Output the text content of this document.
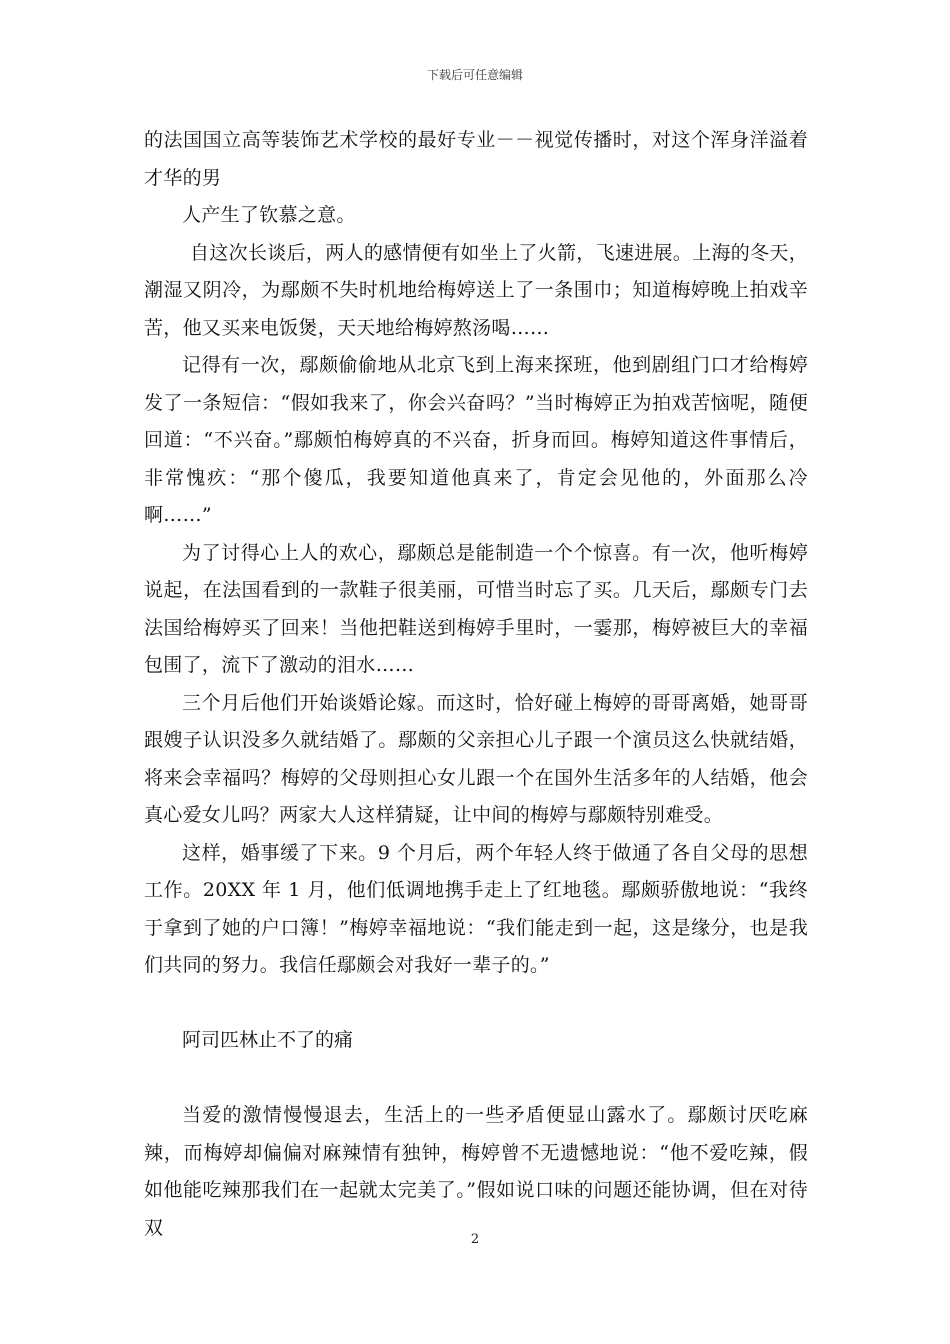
下载后可任意编辑

的法国国立高等装饰艺术学校的最好专业－－视觉传播时，对这个浑身洋溢着才华的男

人产生了钦慕之意。

自这次长谈后，两人的感情便有如坐上了火箭，飞速进展。上海的冬天，潮湿又阴冷，为鄢颇不失时机地给梅婷送上了一条围巾；知道梅婷晚上拍戏辛苦，他又买来电饭煲，天天地给梅婷熬汤喝……

记得有一次，鄢颇偷偷地从北京飞到上海来探班，他到剧组门口才给梅婷发了一条短信：“假如我来了，你会兴奋吗？”当时梅婷正为拍戏苦恼呢，随便回道：“不兴奋。”鄢颇怕梅婷真的不兴奋，折身而回。梅婷知道这件事情后，非常愧疚：“那个傻瓜，我要知道他真来了，肯定会见他的，外面那么冷啊……”

为了讨得心上人的欢心，鄢颇总是能制造一个个惊喜。有一次，他听梅婷说起，在法国看到的一款鞋子很美丽，可惜当时忘了买。几天后，鄢颇专门去法国给梅婷买了回来！当他把鞋送到梅婷手里时，一霎那，梅婷被巨大的幸福包围了，流下了激动的泪水……

三个月后他们开始谈婚论嫁。而这时，恰好碰上梅婷的哥哥离婚，她哥哥跟嫂子认识没多久就结婚了。鄢颇的父亲担心儿子跟一个演员这么快就结婚，将来会幸福吗？梅婷的父母则担心女儿跟一个在国外生活多年的人结婚，他会真心爱女儿吗？两家大人这样猜疑，让中间的梅婷与鄢颇特别难受。

这样，婚事缓了下来。9 个月后，两个年轻人终于做通了各自父母的思想工作。20XX 年 1 月，他们低调地携手走上了红地毯。鄢颇骄傲地说：“我终于拿到了她的户口簿！”梅婷幸福地说：“我们能走到一起，这是缘分，也是我们共同的努力。我信任鄢颇会对我好一辈子的。”

阿司匹林止不了的痛

当爱的激情慢慢退去，生活上的一些矛盾便显山露水了。鄢颇讨厌吃麻辣，而梅婷却偏偏对麻辣情有独钟，梅婷曾不无遗憾地说：“他不爱吃辣，假如他能吃辣那我们在一起就太完美了。”假如说口味的问题还能协调，但在对待双

2
